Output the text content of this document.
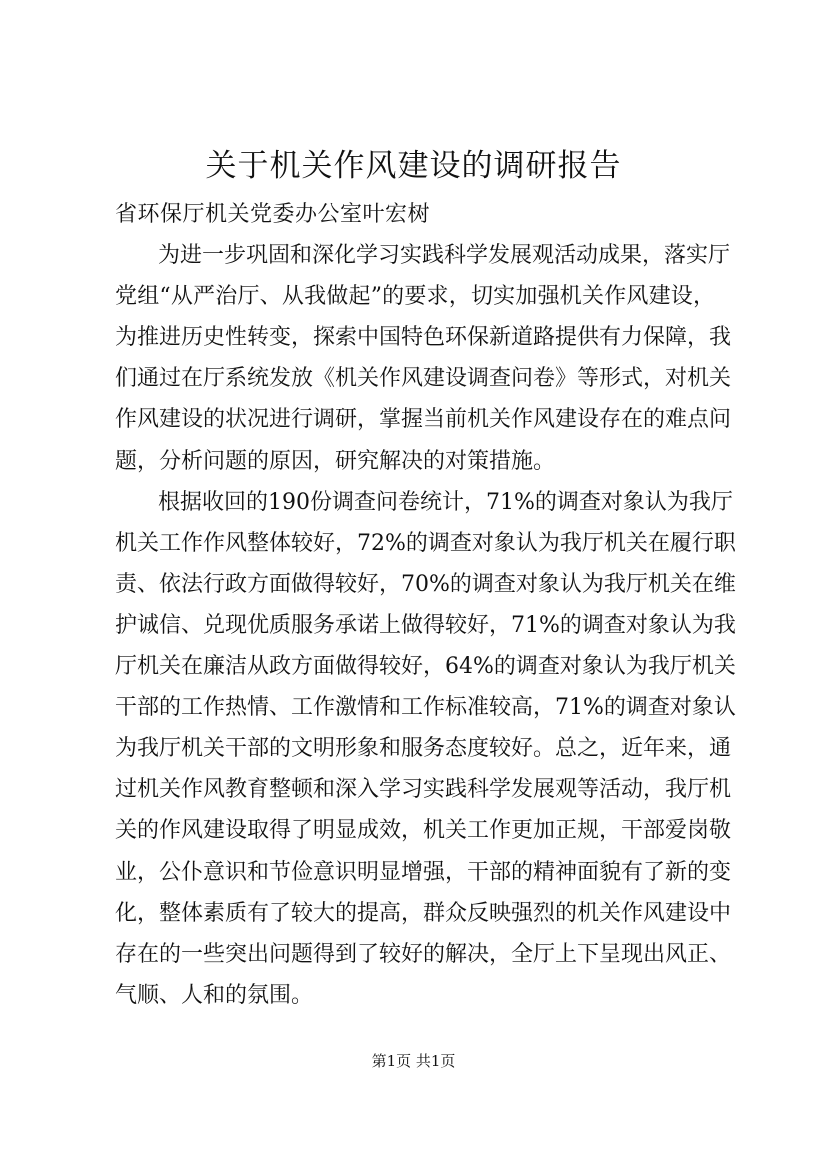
关于机关作风建设的调研报告
省环保厅机关党委办公室叶宏树
为进一步巩固和深化学习实践科学发展观活动成果，落实厅
党组“从严治厅、从我做起”的要求，切实加强机关作风建设，
为推进历史性转变，探索中国特色环保新道路提供有力保障，我
们通过在厅系统发放《机关作风建设调查问卷》等形式，对机关
作风建设的状况进行调研，掌握当前机关作风建设存在的难点问
题，分析问题的原因，研究解决的对策措施。
根据收回的190份调查问卷统计，71%的调查对象认为我厅
机关工作作风整体较好，72%的调查对象认为我厅机关在履行职
责、依法行政方面做得较好，70%的调查对象认为我厅机关在维
护诚信、兑现优质服务承诺上做得较好，71%的调查对象认为我
厅机关在廉洁从政方面做得较好，64%的调查对象认为我厅机关
干部的工作热情、工作激情和工作标准较高，71%的调查对象认
为我厅机关干部的文明形象和服务态度较好。总之，近年来，通
过机关作风教育整顿和深入学习实践科学发展观等活动，我厅机
关的作风建设取得了明显成效，机关工作更加正规，干部爱岗敬
业，公仆意识和节俭意识明显增强，干部的精神面貌有了新的变
化，整体素质有了较大的提高，群众反映强烈的机关作风建设中
存在的一些突出问题得到了较好的解决，全厅上下呈现出风正、
气顺、人和的氛围。

第1页 共1页
